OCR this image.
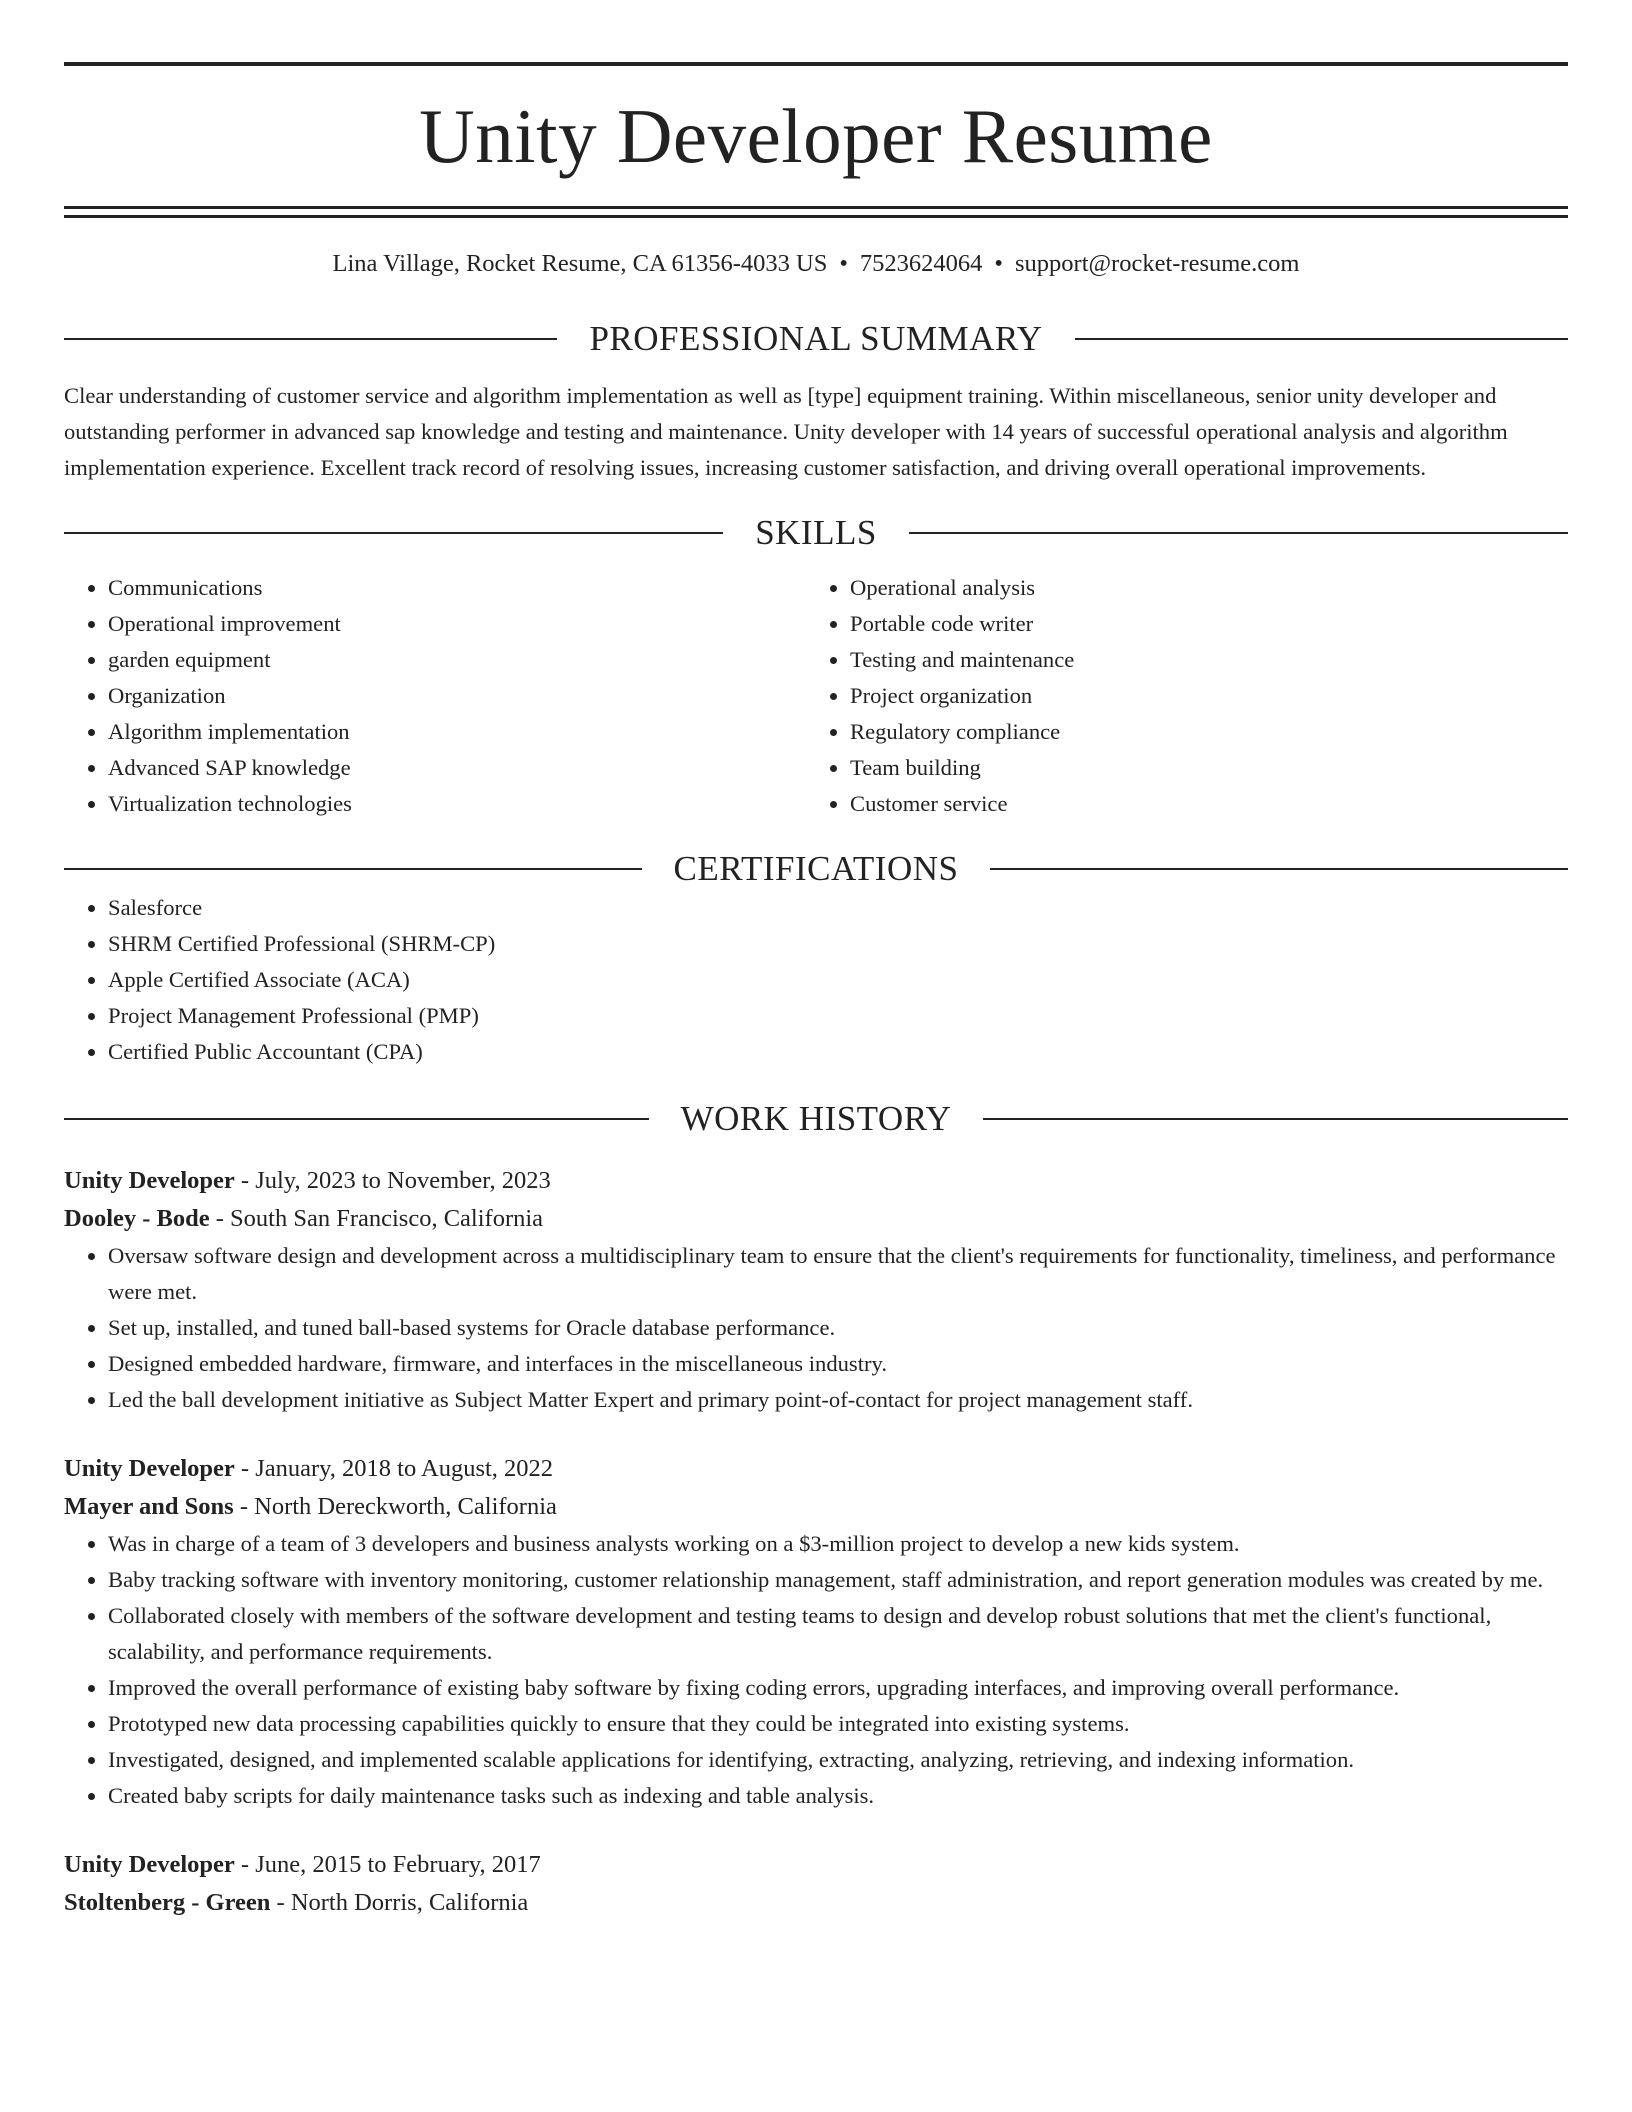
Unity Developer Resume
Lina Village, Rocket Resume, CA 61356-4033 US • 7523624064 • support@rocket-resume.com
PROFESSIONAL SUMMARY
Clear understanding of customer service and algorithm implementation as well as [type] equipment training. Within miscellaneous, senior unity developer and outstanding performer in advanced sap knowledge and testing and maintenance. Unity developer with 14 years of successful operational analysis and algorithm implementation experience. Excellent track record of resolving issues, increasing customer satisfaction, and driving overall operational improvements.
SKILLS
• Communications
• Operational improvement
• garden equipment
• Organization
• Algorithm implementation
• Advanced SAP knowledge
• Virtualization technologies
• Operational analysis
• Portable code writer
• Testing and maintenance
• Project organization
• Regulatory compliance
• Team building
• Customer service
CERTIFICATIONS
• Salesforce
• SHRM Certified Professional (SHRM-CP)
• Apple Certified Associate (ACA)
• Project Management Professional (PMP)
• Certified Public Accountant (CPA)
WORK HISTORY
Unity Developer - July, 2023 to November, 2023
Dooley - Bode - South San Francisco, California
• Oversaw software design and development across a multidisciplinary team to ensure that the client's requirements for functionality, timeliness, and performance were met.
• Set up, installed, and tuned ball-based systems for Oracle database performance.
• Designed embedded hardware, firmware, and interfaces in the miscellaneous industry.
• Led the ball development initiative as Subject Matter Expert and primary point-of-contact for project management staff.
Unity Developer - January, 2018 to August, 2022
Mayer and Sons - North Dereckworth, California
• Was in charge of a team of 3 developers and business analysts working on a $3-million project to develop a new kids system.
• Baby tracking software with inventory monitoring, customer relationship management, staff administration, and report generation modules was created by me.
• Collaborated closely with members of the software development and testing teams to design and develop robust solutions that met the client's functional, scalability, and performance requirements.
• Improved the overall performance of existing baby software by fixing coding errors, upgrading interfaces, and improving overall performance.
• Prototyped new data processing capabilities quickly to ensure that they could be integrated into existing systems.
• Investigated, designed, and implemented scalable applications for identifying, extracting, analyzing, retrieving, and indexing information.
• Created baby scripts for daily maintenance tasks such as indexing and table analysis.
Unity Developer - June, 2015 to February, 2017
Stoltenberg - Green - North Dorris, California
